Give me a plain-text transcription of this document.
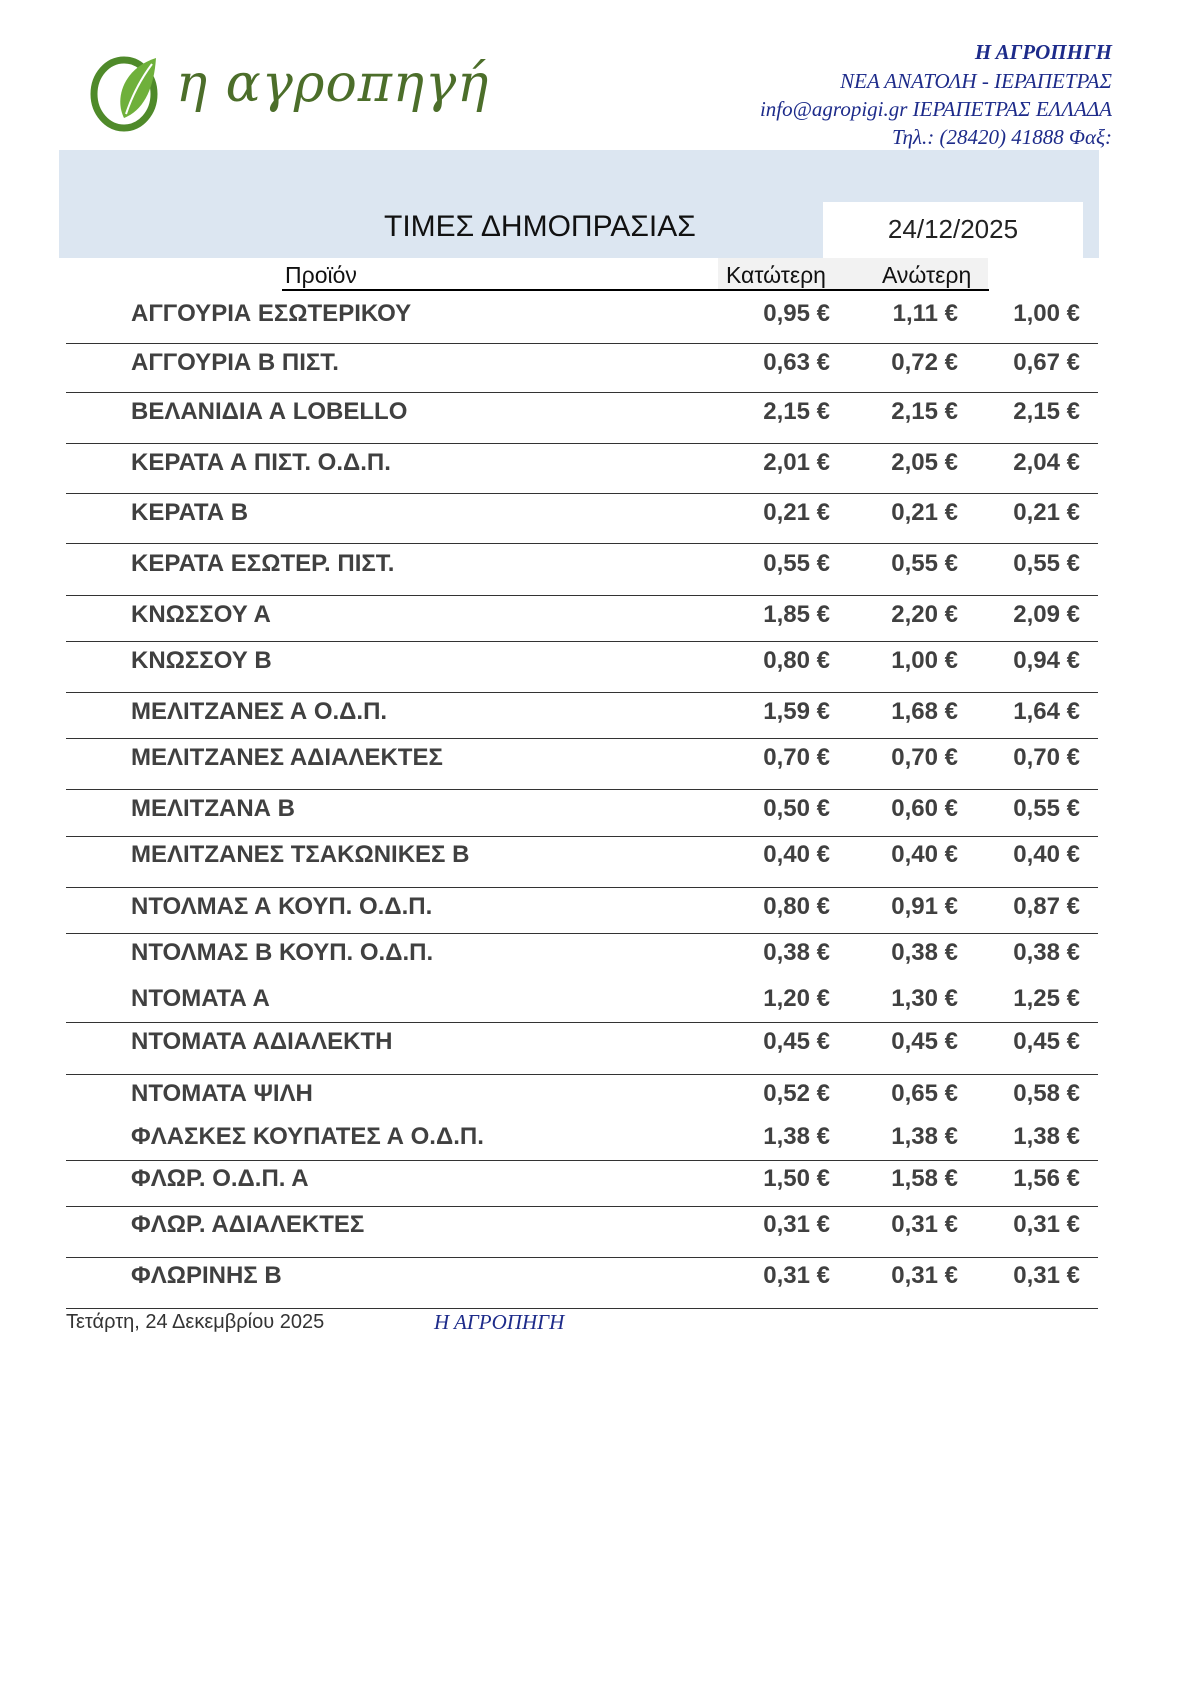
η αγροπηγή
Η ΑΓΡΟΠΗΓΗ
ΝΕΑ ΑΝΑΤΟΛΗ - ΙΕΡΑΠΕΤΡΑΣ
info@agropigi.gr ΙΕΡΑΠΕΤΡΑΣ ΕΛΛΑΔΑ
Τηλ.: (28420) 41888 Φαξ:
ΤΙΜΕΣ ΔΗΜΟΠΡΑΣΙΑΣ	24/12/2025
Προϊόν	Κατώτερη Ανώτερη
ΑΓΓΟΥΡΙΑ ΕΣΩΤΕΡΙΚΟΥ	0,95 €	1,11 €	1,00 €
ΑΓΓΟΥΡΙΑ Β ΠΙΣΤ.	0,63 €	0,72 €	0,67 €
ΒΕΛΑΝΙΔΙΑ Α LOBELLO	2,15 €	2,15 €	2,15 €
ΚΕΡΑΤΑ Α ΠΙΣΤ. Ο.Δ.Π.	2,01 €	2,05 €	2,04 €
ΚΕΡΑΤΑ Β	0,21 €	0,21 €	0,21 €
ΚΕΡΑΤΑ ΕΣΩΤΕΡ. ΠΙΣΤ.	0,55 €	0,55 €	0,55 €
ΚΝΩΣΣΟΥ Α	1,85 €	2,20 €	2,09 €
ΚΝΩΣΣΟΥ Β	0,80 €	1,00 €	0,94 €
ΜΕΛΙΤΖΑΝΕΣ Α Ο.Δ.Π.	1,59 €	1,68 €	1,64 €
ΜΕΛΙΤΖΑΝΕΣ ΑΔΙΑΛΕΚΤΕΣ	0,70 €	0,70 €	0,70 €
ΜΕΛΙΤΖΑΝΑ Β	0,50 €	0,60 €	0,55 €
ΜΕΛΙΤΖΑΝΕΣ ΤΣΑΚΩΝΙΚΕΣ Β	0,40 €	0,40 €	0,40 €
ΝΤΟΛΜΑΣ Α ΚΟΥΠ. Ο.Δ.Π.	0,80 €	0,91 €	0,87 €
ΝΤΟΛΜΑΣ Β ΚΟΥΠ. Ο.Δ.Π.	0,38 €	0,38 €	0,38 €
ΝΤΟΜΑΤΑ Α	1,20 €	1,30 €	1,25 €
ΝΤΟΜΑΤΑ ΑΔΙΑΛΕΚΤΗ	0,45 €	0,45 €	0,45 €
ΝΤΟΜΑΤΑ ΨΙΛΗ	0,52 €	0,65 €	0,58 €
ΦΛΑΣΚΕΣ ΚΟΥΠΑΤΕΣ Α Ο.Δ.Π.	1,38 €	1,38 €	1,38 €
ΦΛΩΡ. Ο.Δ.Π. Α	1,50 €	1,58 €	1,56 €
ΦΛΩΡ. ΑΔΙΑΛΕΚΤΕΣ	0,31 €	0,31 €	0,31 €
ΦΛΩΡΙΝΗΣ Β	0,31 €	0,31 €	0,31 €
Τετάρτη, 24 Δεκεμβρίου 2025	Η ΑΓΡΟΠΗΓΗ
